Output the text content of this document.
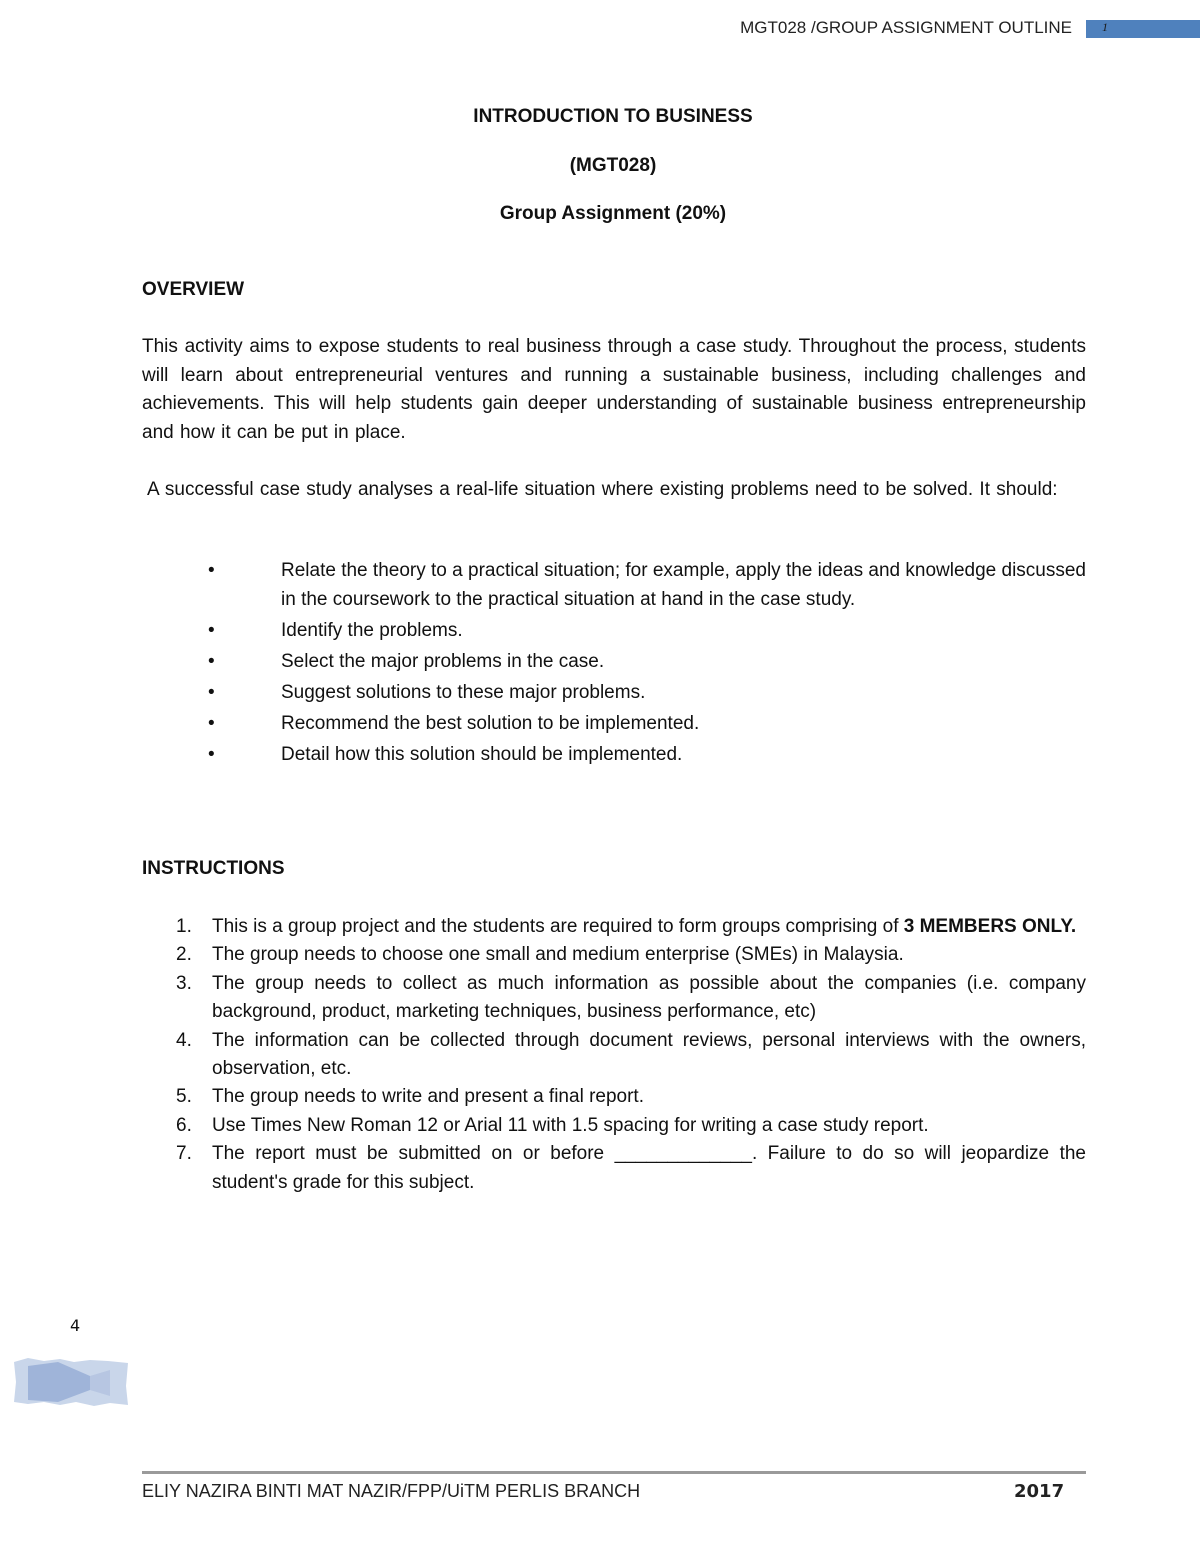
MGT028 /GROUP ASSIGNMENT OUTLINE	1
INTRODUCTION TO BUSINESS
(MGT028)
Group Assignment (20%)
OVERVIEW
This activity aims to expose students to real business through a case study. Throughout the process, students will learn about entrepreneurial ventures and running a sustainable business, including challenges and achievements. This will help students gain deeper understanding of sustainable business entrepreneurship and how it can be put in place.
A successful case study analyses a real-life situation where existing problems need to be solved. It should:
•	Relate the theory to a practical situation; for example, apply the ideas and knowledge discussed in the coursework to the practical situation at hand in the case study.
•	Identify the problems.
•	Select the major problems in the case.
•	Suggest solutions to these major problems.
•	Recommend the best solution to be implemented.
•	Detail how this solution should be implemented.
INSTRUCTIONS
1. This is a group project and the students are required to form groups comprising of 3 MEMBERS ONLY.
2. The group needs to choose one small and medium enterprise (SMEs) in Malaysia.
3. The group needs to collect as much information as possible about the companies (i.e. company background, product, marketing techniques, business performance, etc)
4. The information can be collected through document reviews, personal interviews with the owners, observation, etc.
5. The group needs to write and present a final report.
6. Use Times New Roman 12 or Arial 11 with 1.5 spacing for writing a case study report.
7. The report must be submitted on or before _____________. Failure to do so will jeopardize the student's grade for this subject.
4
ELIY NAZIRA BINTI MAT NAZIR/FPP/UiTM PERLIS BRANCH	2017
